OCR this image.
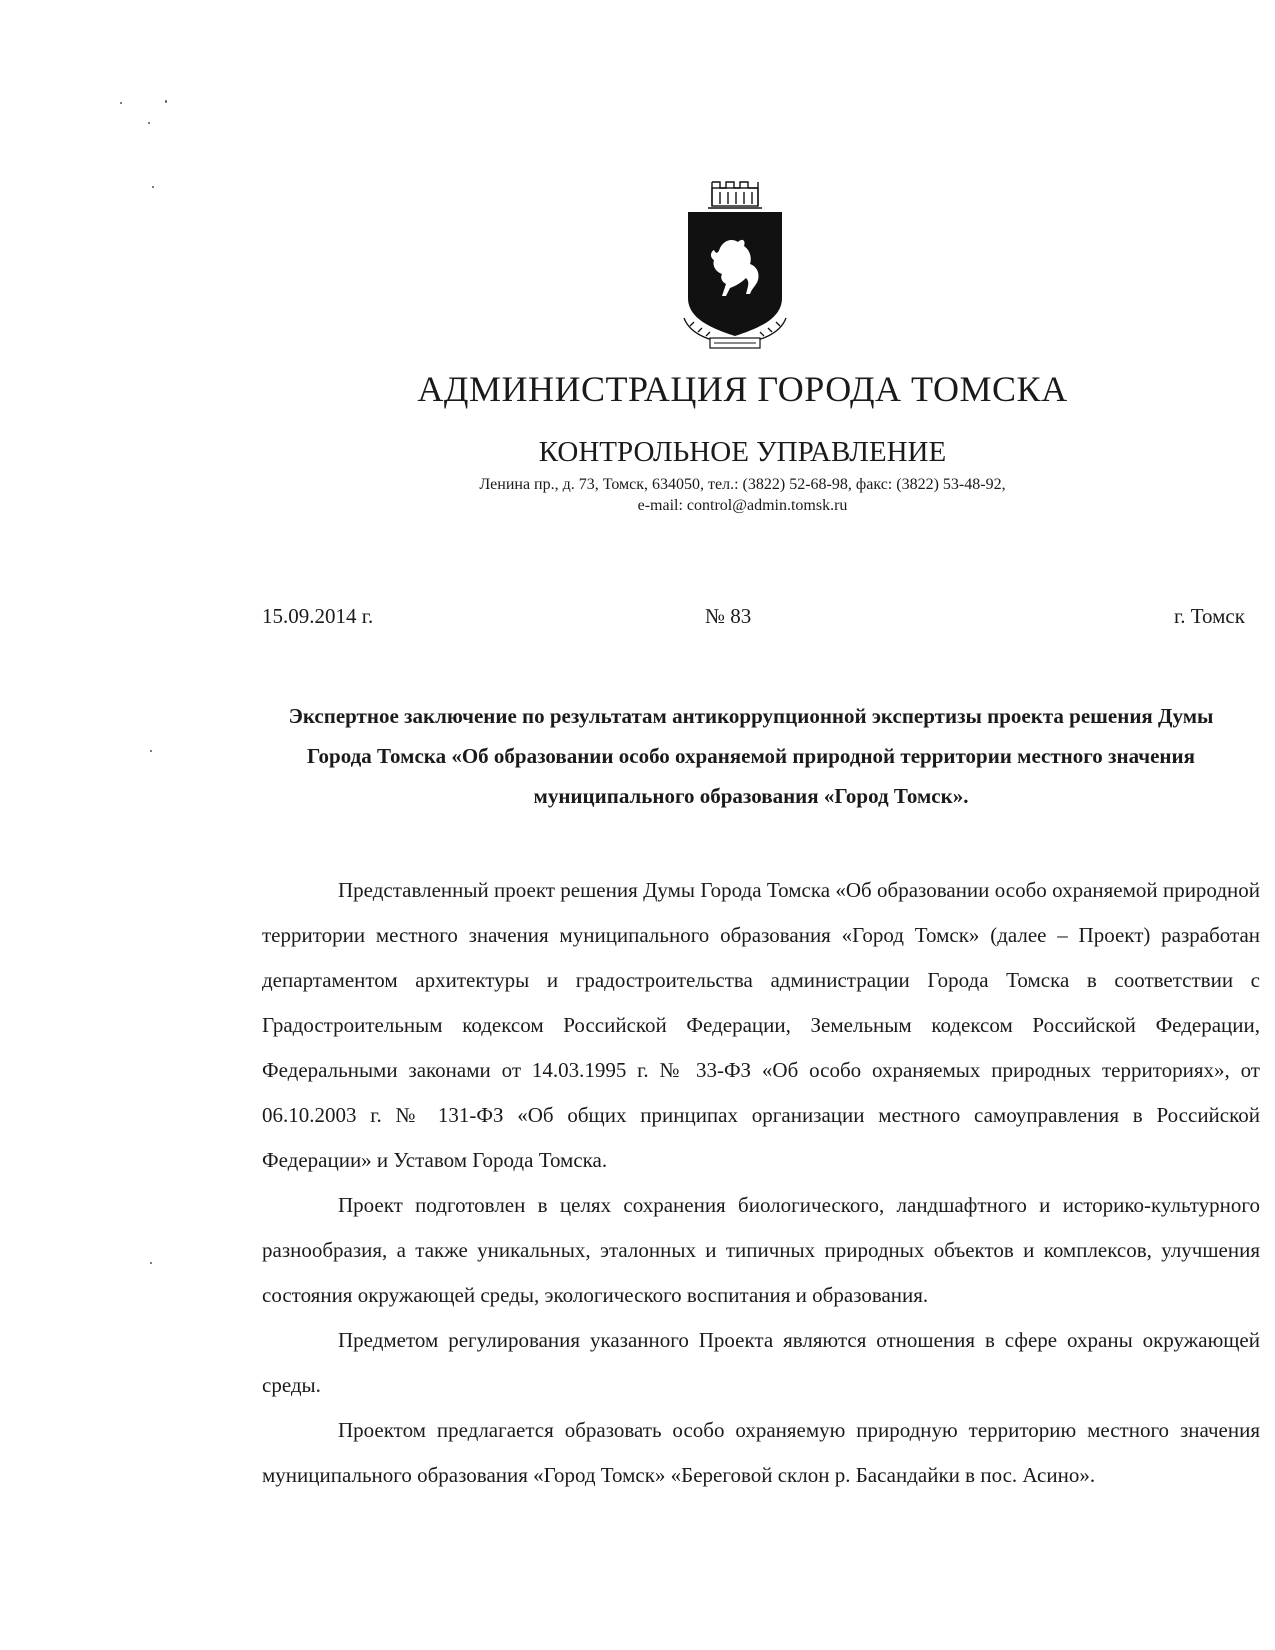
АДМИНИСТРАЦИЯ ГОРОДА ТОМСКА
КОНТРОЛЬНОЕ УПРАВЛЕНИЕ
Ленина пр., д. 73, Томск, 634050, тел.: (3822) 52-68-98, факс: (3822) 53-48-92,
e-mail: control@admin.tomsk.ru
15.09.2014 г.	№ 83	г. Томск
Экспертное заключение по результатам антикоррупционной экспертизы проекта решения Думы Города Томска «Об образовании особо охраняемой природной территории местного значения муниципального образования «Город Томск».

Представленный проект решения Думы Города Томска «Об образовании особо охраняемой природной территории местного значения муниципального образования «Город Томск» (далее – Проект) разработан департаментом архитектуры и градостроительства администрации Города Томска в соответствии с Градостроительным кодексом Российской Федерации, Земельным кодексом Российской Федерации, Федеральными законами от 14.03.1995 г. № 33-ФЗ «Об особо охраняемых природных территориях», от 06.10.2003 г. № 131-ФЗ «Об общих принципах организации местного самоуправления в Российской Федерации» и Уставом Города Томска.

Проект подготовлен в целях сохранения биологического, ландшафтного и историко-культурного разнообразия, а также уникальных, эталонных и типичных природных объектов и комплексов, улучшения состояния окружающей среды, экологического воспитания и образования.

Предметом регулирования указанного Проекта являются отношения в сфере охраны окружающей среды.

Проектом предлагается образовать особо охраняемую природную территорию местного значения муниципального образования «Город Томск» «Береговой склон р. Басандайки в пос. Асино».
